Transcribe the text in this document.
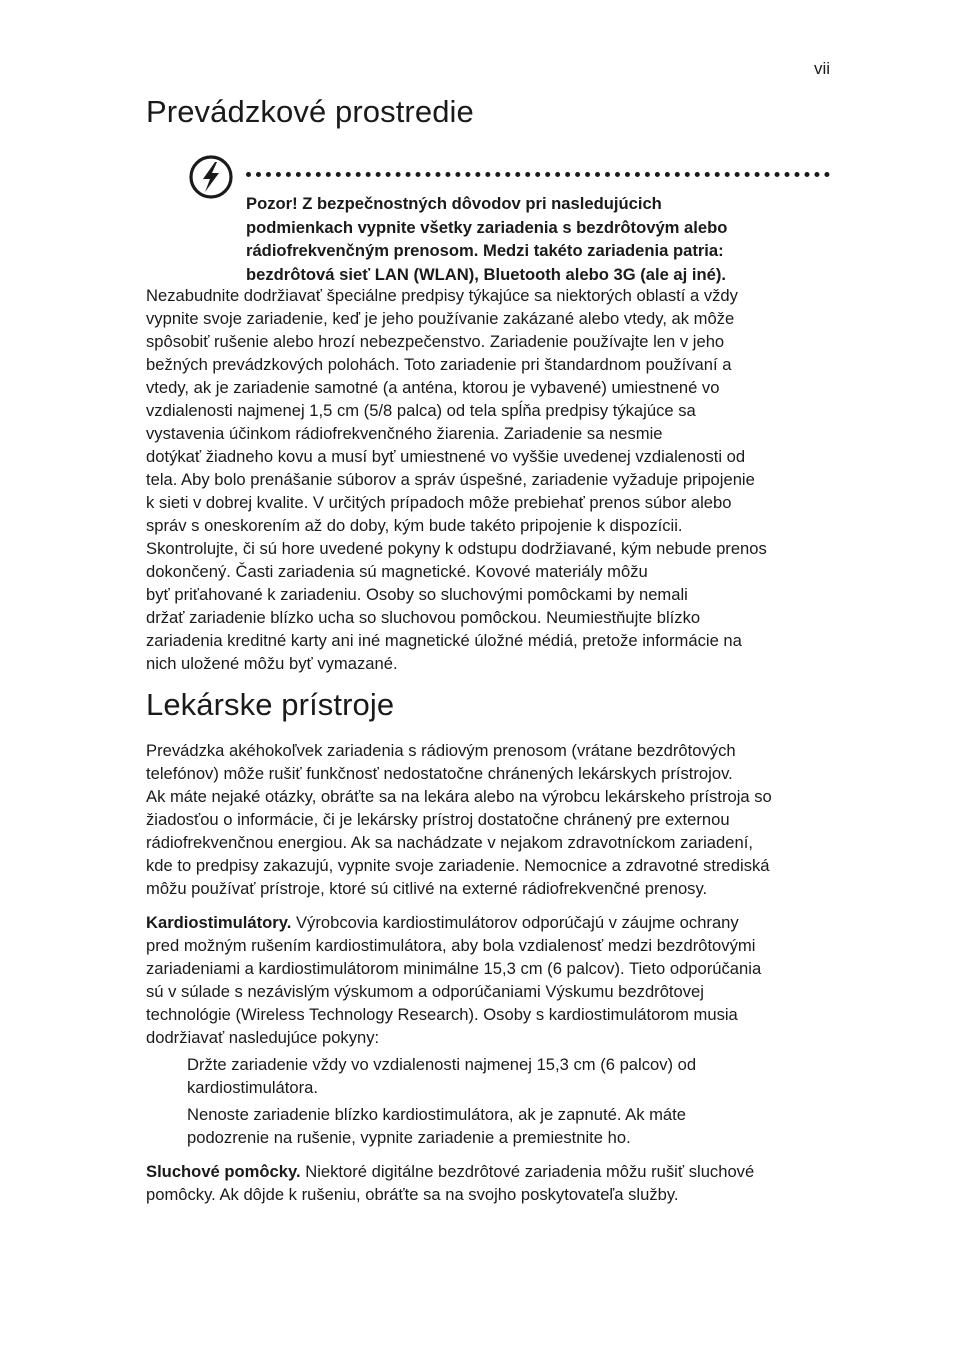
vii
Prevádzkové prostredie
Pozor! Z bezpečnostných dôvodov pri nasledujúcich
podmienkach vypnite všetky zariadenia s bezdrôtovým alebo
rádiofrekvenčným prenosom. Medzi takéto zariadenia patria:
bezdrôtová sieť LAN (WLAN), Bluetooth alebo 3G (ale aj iné).

Nezabudnite dodržiavať špeciálne predpisy týkajúce sa niektorých oblastí a vždy
vypnite svoje zariadenie, keď je jeho používanie zakázané alebo vtedy, ak môže
spôsobiť rušenie alebo hrozí nebezpečenstvo. Zariadenie používajte len v jeho
bežných prevádzkových polohách. Toto zariadenie pri štandardnom používaní a
vtedy, ak je zariadenie samotné (a anténa, ktorou je vybavené) umiestnené vo
vzdialenosti najmenej 1,5 cm (5/8 palca) od tela spĺňa predpisy týkajúce sa
vystavenia účinkom rádiofrekvenčného žiarenia. Zariadenie sa nesmie
dotýkať žiadneho kovu a musí byť umiestnené vo vyššie uvedenej vzdialenosti od
tela. Aby bolo prenášanie súborov a správ úspešné, zariadenie vyžaduje pripojenie
k sieti v dobrej kvalite. V určitých prípadoch môže prebiehať prenos súbor alebo
správ s oneskorením až do doby, kým bude takéto pripojenie k dispozícii.
Skontrolujte, či sú hore uvedené pokyny k odstupu dodržiavané, kým nebude prenos
dokončený. Časti zariadenia sú magnetické. Kovové materiály môžu
byť priťahované k zariadeniu. Osoby so sluchovými pomôckami by nemali
držať zariadenie blízko ucha so sluchovou pomôckou. Neumiestňujte blízko
zariadenia kreditné karty ani iné magnetické úložné médiá, pretože informácie na
nich uložené môžu byť vymazané.

Lekárske prístroje

Prevádzka akéhokoľvek zariadenia s rádiovým prenosom (vrátane bezdrôtových
telefónov) môže rušiť funkčnosť nedostatočne chránených lekárskych prístrojov.
Ak máte nejaké otázky, obráťte sa na lekára alebo na výrobcu lekárskeho prístroja so
žiadosťou o informácie, či je lekársky prístroj dostatočne chránený pre externou
rádiofrekvenčnou energiou. Ak sa nachádzate v nejakom zdravotníckom zariadení,
kde to predpisy zakazujú, vypnite svoje zariadenie. Nemocnice a zdravotné strediská
môžu používať prístroje, ktoré sú citlivé na externé rádiofrekvenčné prenosy.

Kardiostimulátory. Výrobcovia kardiostimulátorov odporúčajú v záujme ochrany
pred možným rušením kardiostimulátora, aby bola vzdialenosť medzi bezdrôtovými
zariadeniami a kardiostimulátorom minimálne 15,3 cm (6 palcov). Tieto odporúčania
sú v súlade s nezávislým výskumom a odporúčaniami Výskumu bezdrôtovej
technológie (Wireless Technology Research). Osoby s kardiostimulátorom musia
dodržiavať nasledujúce pokyny:

Držte zariadenie vždy vo vzdialenosti najmenej 15,3 cm (6 palcov) od
kardiostimulátora.

Nenoste zariadenie blízko kardiostimulátora, ak je zapnuté. Ak máte
podozrenie na rušenie, vypnite zariadenie a premiestnite ho.

Sluchové pomôcky. Niektoré digitálne bezdrôtové zariadenia môžu rušiť sluchové
pomôcky. Ak dôjde k rušeniu, obráťte sa na svojho poskytovateľa služby.
